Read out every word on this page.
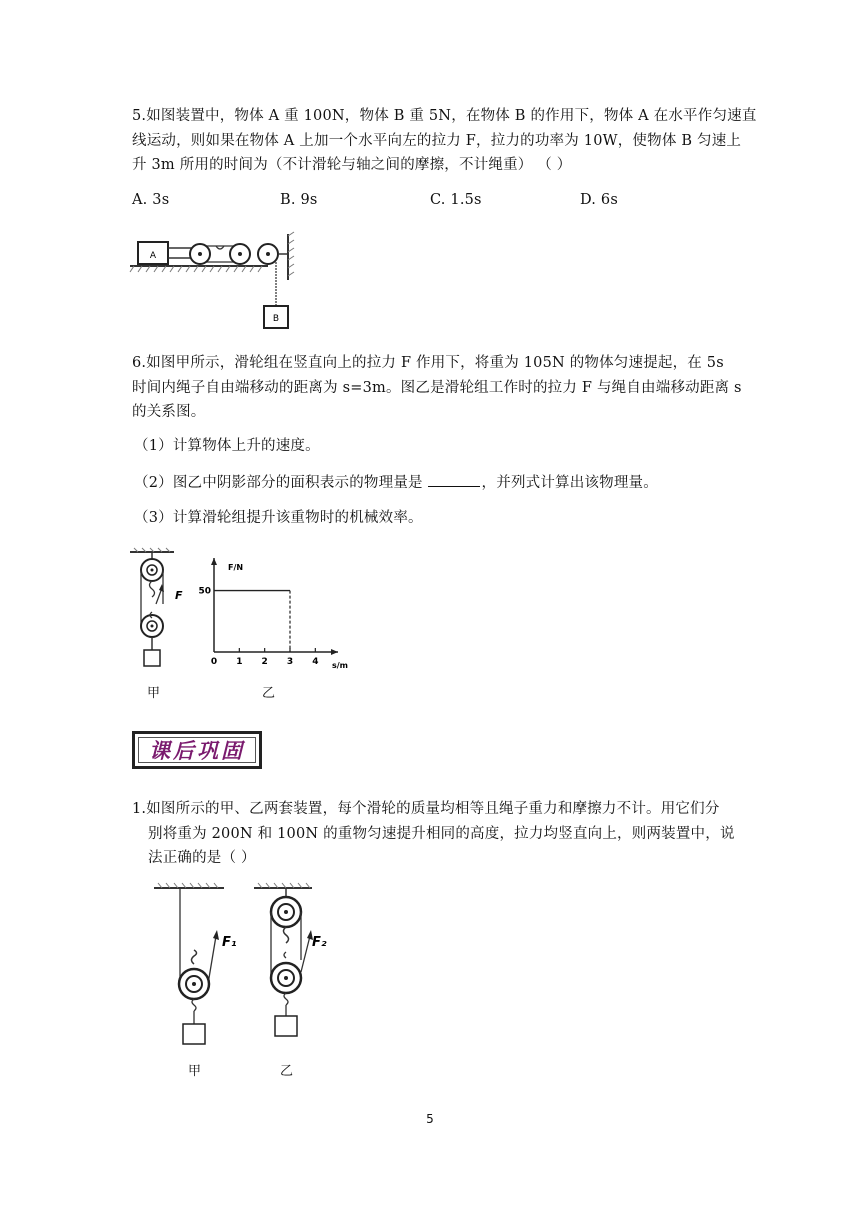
5.如图装置中，物体 A 重 100N，物体 B 重 5N，在物体 B 的作用下，物体 A 在水平作匀速直
线运动，则如果在物体 A 上加一个水平向左的拉力 F，拉力的功率为 10W，使物体 B 匀速上
升 3m 所用的时间为（不计滑轮与轴之间的摩擦，不计绳重） （ ）
A. 3s	B. 9s	C. 1.5s	D. 6s
A
B
6.如图甲所示，滑轮组在竖直向上的拉力 F 作用下，将重为 105N 的物体匀速提起，在 5s
时间内绳子自由端移动的距离为 s=3m。图乙是滑轮组工作时的拉力 F 与绳自由端移动距离 s
的关系图。
（1）计算物体上升的速度。
（2）图乙中阴影部分的面积表示的物理量是	，并列式计算出该物理量。
（3）计算滑轮组提升该重物时的机械效率。
F
甲
F/N
s/m
0 1 2 3 4
50
乙
课后巩固
1.如图所示的甲、乙两套装置，每个滑轮的质量均相等且绳子重力和摩擦力不计。用它们分
别将重为 200N 和 100N 的重物匀速提升相同的高度，拉力均竖直向上，则两装置中，说
法正确的是（ ）
F₁	F₂
甲	乙
5
